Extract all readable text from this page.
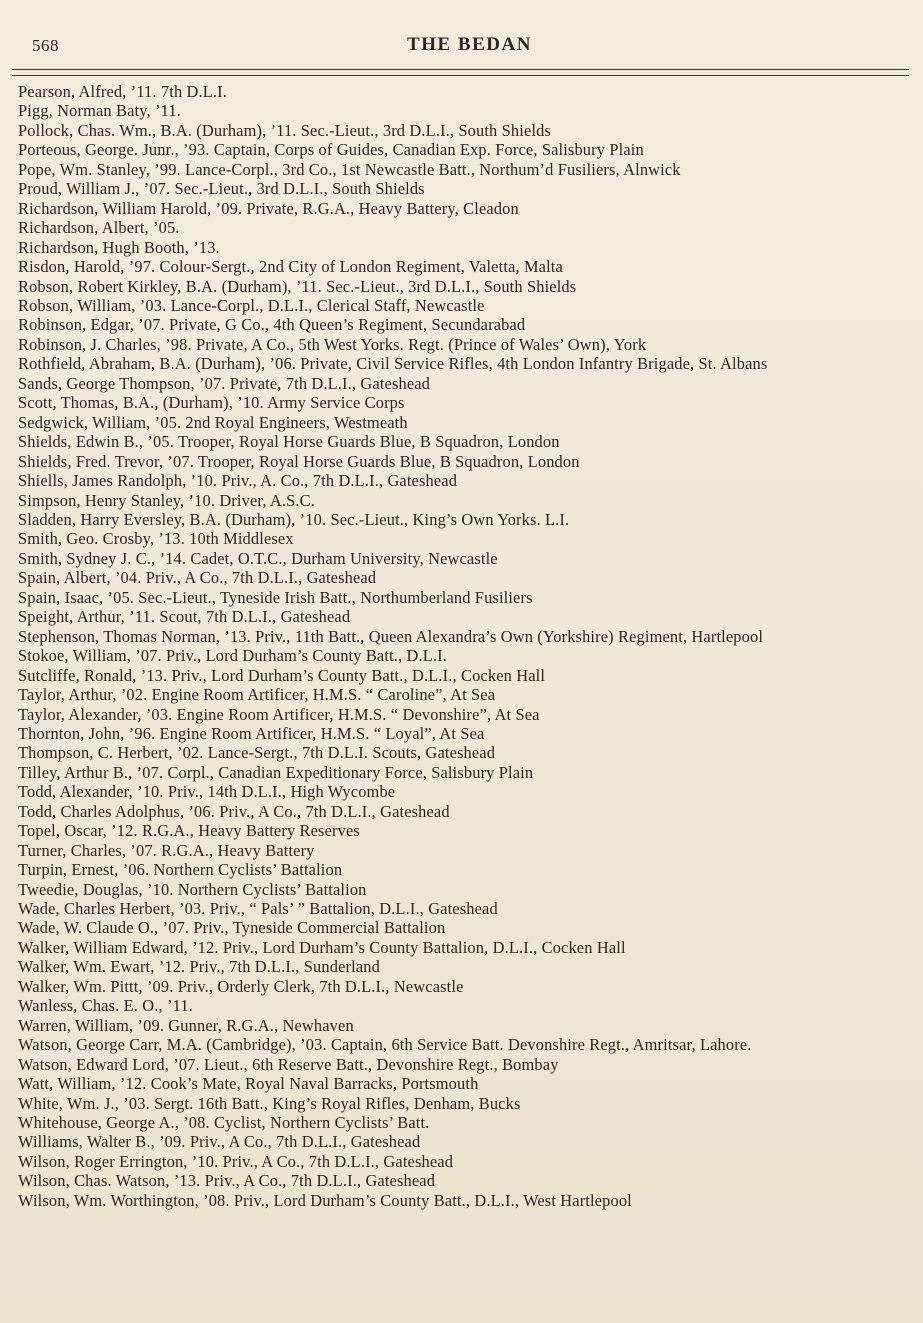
568	THE BEDAN
Pearson, Alfred, ’11. 7th D.L.I.
Pigg, Norman Baty, ’11.
Pollock, Chas. Wm., B.A. (Durham), ’11. Sec.-Lieut., 3rd D.L.I., South Shields
Porteous, George. Junr., ’93. Captain, Corps of Guides, Canadian Exp. Force, Salisbury Plain
Pope, Wm. Stanley, ’99. Lance-Corpl., 3rd Co., 1st Newcastle Batt., Northum’d Fusiliers, Alnwick
Proud, William J., ’07. Sec.-Lieut., 3rd D.L.I., South Shields
Richardson, William Harold, ’09. Private, R.G.A., Heavy Battery, Cleadon
Richardson, Albert, ’05.
Richardson, Hugh Booth, ’13.
Risdon, Harold, ’97. Colour-Sergt., 2nd City of London Regiment, Valetta, Malta
Robson, Robert Kirkley, B.A. (Durham), ’11. Sec.-Lieut., 3rd D.L.I., South Shields
Robson, William, ’03. Lance-Corpl., D.L.I., Clerical Staff, Newcastle
Robinson, Edgar, ’07. Private, G Co., 4th Queen’s Regiment, Secundarabad
Robinson, J. Charles, ’98. Private, A Co., 5th West Yorks. Regt. (Prince of Wales’ Own), York
Rothfield, Abraham, B.A. (Durham), ’06. Private, Civil Service Rifles, 4th London Infantry Brigade, St. Albans
Sands, George Thompson, ’07. Private, 7th D.L.I., Gateshead
Scott, Thomas, B.A., (Durham), ’10. Army Service Corps
Sedgwick, William, ’05. 2nd Royal Engineers, Westmeath
Shields, Edwin B., ’05. Trooper, Royal Horse Guards Blue, B Squadron, London
Shields, Fred. Trevor, ’07. Trooper, Royal Horse Guards Blue, B Squadron, London
Shiells, James Randolph, ’10. Priv., A. Co., 7th D.L.I., Gateshead
Simpson, Henry Stanley, ’10. Driver, A.S.C.
Sladden, Harry Eversley, B.A. (Durham), ’10. Sec.-Lieut., King’s Own Yorks. L.I.
Smith, Geo. Crosby, ’13. 10th Middlesex
Smith, Sydney J. C., ’14. Cadet, O.T.C., Durham University, Newcastle
Spain, Albert, ’04. Priv., A Co., 7th D.L.I., Gateshead
Spain, Isaac, ’05. Sec.-Lieut., Tyneside Irish Batt., Northumberland Fusiliers
Speight, Arthur, ’11. Scout, 7th D.L.I., Gateshead
Stephenson, Thomas Norman, ’13. Priv., 11th Batt., Queen Alexandra’s Own (Yorkshire) Regiment, Hartlepool
Stokoe, William, ’07. Priv., Lord Durham’s County Batt., D.L.I.
Sutcliffe, Ronald, ’13. Priv., Lord Durham’s County Batt., D.L.I., Cocken Hall
Taylor, Arthur, ’02. Engine Room Artificer, H.M.S. “ Caroline”, At Sea
Taylor, Alexander, ’03. Engine Room Artificer, H.M.S. “ Devonshire”, At Sea
Thornton, John, ’96. Engine Room Artificer, H.M.S. “ Loyal”, At Sea
Thompson, C. Herbert, ’02. Lance-Sergt., 7th D.L.I. Scouts, Gateshead
Tilley, Arthur B., ’07. Corpl., Canadian Expeditionary Force, Salisbury Plain
Todd, Alexander, ’10. Priv., 14th D.L.I., High Wycombe
Todd, Charles Adolphus, ’06. Priv., A Co., 7th D.L.I., Gateshead
Topel, Oscar, ’12. R.G.A., Heavy Battery Reserves
Turner, Charles, ’07. R.G.A., Heavy Battery
Turpin, Ernest, ’06. Northern Cyclists’ Battalion
Tweedie, Douglas, ’10. Northern Cyclists’ Battalion
Wade, Charles Herbert, ’03. Priv., “ Pals’ ” Battalion, D.L.I., Gateshead
Wade, W. Claude O., ’07. Priv., Tyneside Commercial Battalion
Walker, William Edward, ’12. Priv., Lord Durham’s County Battalion, D.L.I., Cocken Hall
Walker, Wm. Ewart, ’12. Priv., 7th D.L.I., Sunderland
Walker, Wm. Pittt, ’09. Priv., Orderly Clerk, 7th D.L.I., Newcastle
Wanless, Chas. E. O., ’11.
Warren, William, ’09. Gunner, R.G.A., Newhaven
Watson, George Carr, M.A. (Cambridge), ’03. Captain, 6th Service Batt. Devonshire Regt., Amritsar, Lahore.
Watson, Edward Lord, ’07. Lieut., 6th Reserve Batt., Devonshire Regt., Bombay
Watt, William, ’12. Cook’s Mate, Royal Naval Barracks, Portsmouth
White, Wm. J., ’03. Sergt. 16th Batt., King’s Royal Rifles, Denham, Bucks
Whitehouse, George A., ’08. Cyclist, Northern Cyclists’ Batt.
Williams, Walter B., ’09. Priv., A Co., 7th D.L.I., Gateshead
Wilson, Roger Errington, ’10. Priv., A Co., 7th D.L.I., Gateshead
Wilson, Chas. Watson, ’13. Priv., A Co., 7th D.L.I., Gateshead
Wilson, Wm. Worthington, ’08. Priv., Lord Durham’s County Batt., D.L.I., West Hartlepool
